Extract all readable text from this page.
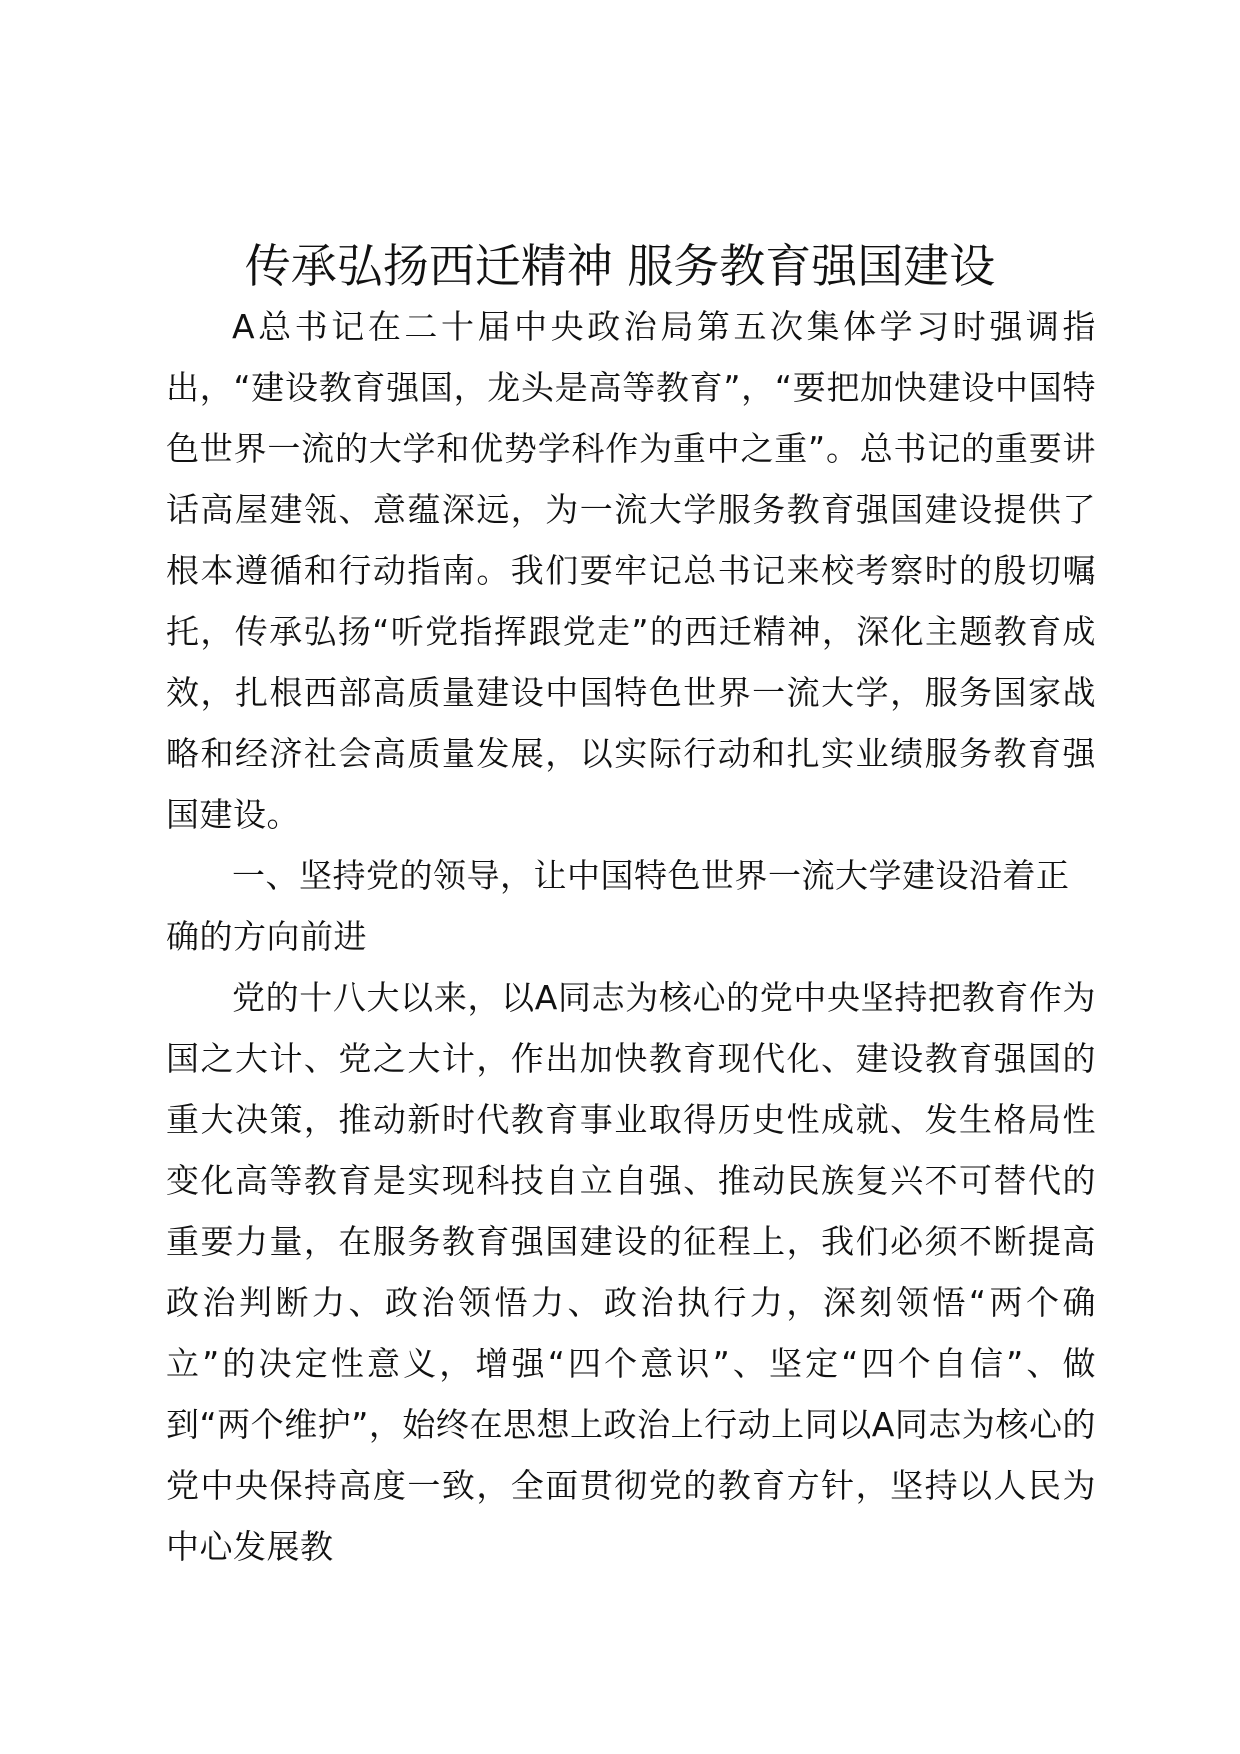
传承弘扬西迁精神 服务教育强国建设

A总书记在二十届中央政治局第五次集体学习时强调指出，“建设教育强国，龙头是高等教育”，“要把加快建设中国特色世界一流的大学和优势学科作为重中之重”。总书记的重要讲话高屋建瓴、意蕴深远，为一流大学服务教育强国建设提供了根本遵循和行动指南。我们要牢记总书记来校考察时的殷切嘱托，传承弘扬“听党指挥跟党走”的西迁精神，深化主题教育成效，扎根西部高质量建设中国特色世界一流大学，服务国家战略和经济社会高质量发展，以实际行动和扎实业绩服务教育强国建设。

一、坚持党的领导，让中国特色世界一流大学建设沿着正确的方向前进

党的十八大以来，以A同志为核心的党中央坚持把教育作为国之大计、党之大计，作出加快教育现代化、建设教育强国的重大决策，推动新时代教育事业取得历史性成就、发生格局性变化高等教育是实现科技自立自强、推动民族复兴不可替代的重要力量，在服务教育强国建设的征程上，我们必须不断提高政治判断力、政治领悟力、政治执行力，深刻领悟“两个确立”的决定性意义，增强“四个意识”、坚定“四个自信”、做到“两个维护”，始终在思想上政治上行动上同以A同志为核心的党中央保持高度一致，全面贯彻党的教育方针，坚持以人民为中心发展教
